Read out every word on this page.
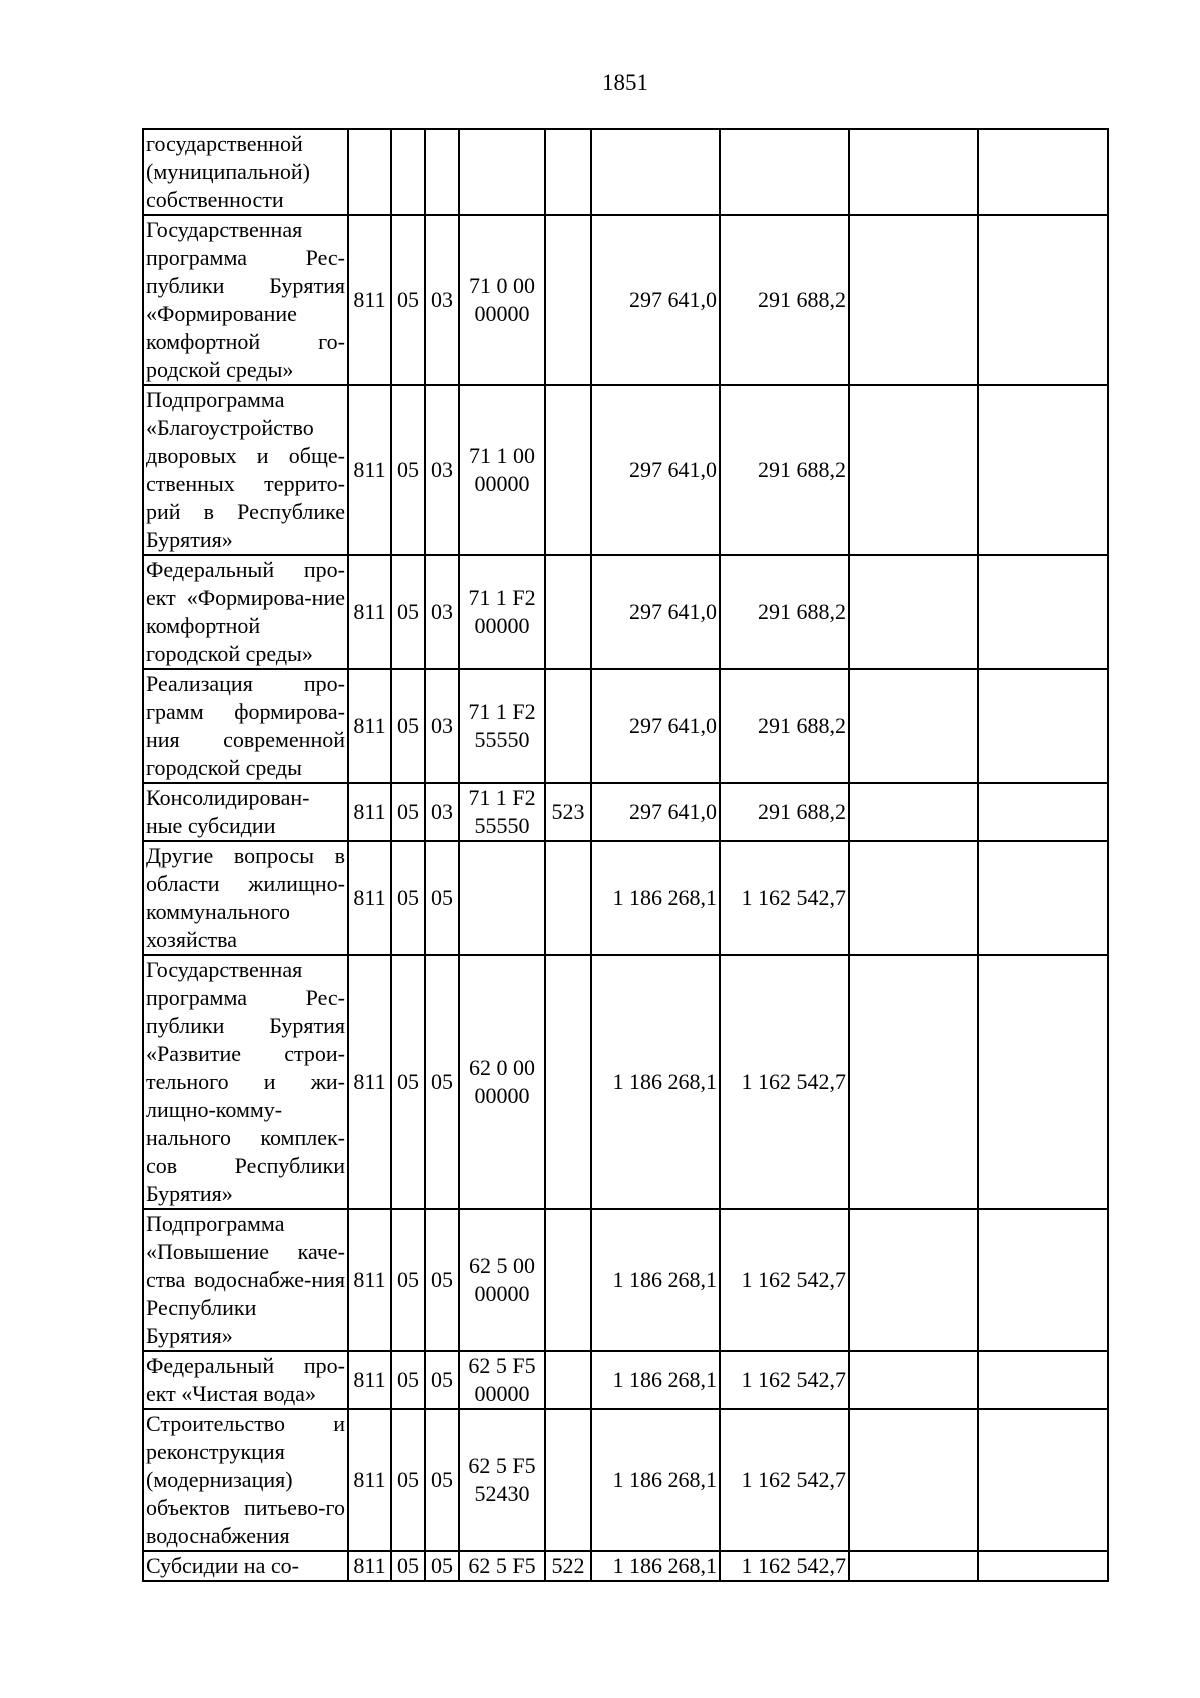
1851
государственной (муниципальной) собственности									
Государственная программа Рес-публики Бурятия «Формирование комфортной го-родской среды»	811	05	03	71 0 00 00000		297 641,0	291 688,2		
Подпрограмма «Благоустройство дворовых и обще-ственных террито-рий в Республике Бурятия»	811	05	03	71 1 00 00000		297 641,0	291 688,2		
Федеральный про-ект «Формирова-ние комфортной городской среды»	811	05	03	71 1 F2 00000		297 641,0	291 688,2		
Реализация про-грамм формирова-ния современной городской среды	811	05	03	71 1 F2 55550		297 641,0	291 688,2		
Консолидирован-ные субсидии	811	05	03	71 1 F2 55550	523	297 641,0	291 688,2		
Другие вопросы в области жилищно-коммунального хозяйства	811	05	05			1 186 268,1	1 162 542,7		
Государственная программа Рес-публики Бурятия «Развитие строи-тельного и жи-лищно-комму-нального комплек-сов Республики Бурятия»	811	05	05	62 0 00 00000		1 186 268,1	1 162 542,7		
Подпрограмма «Повышение каче-ства водоснабже-ния Республики Бурятия»	811	05	05	62 5 00 00000		1 186 268,1	1 162 542,7		
Федеральный про-ект «Чистая вода»	811	05	05	62 5 F5 00000		1 186 268,1	1 162 542,7		
Строительство и реконструкция (модернизация) объектов питьево-го водоснабжения	811	05	05	62 5 F5 52430		1 186 268,1	1 162 542,7		
Субсидии на со-	811	05	05	62 5 F5	522	1 186 268,1	1 162 542,7		
